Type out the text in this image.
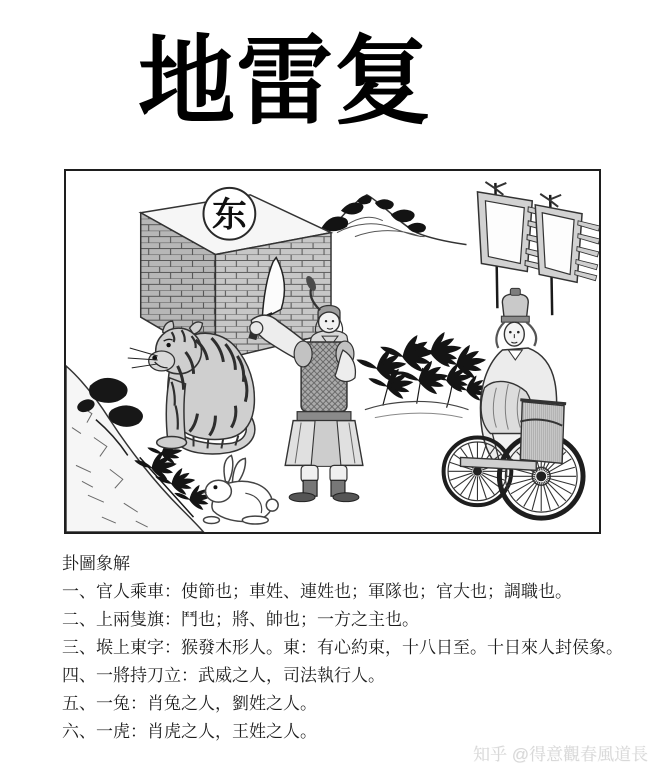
地雷复
东
卦圖象解
一、官人乘車：使節也；車姓、連姓也；軍隊也；官大也；調職也。
二、上兩隻旗：鬥也；將、帥也；一方之主也。
三、堠上東字：猴發木形人。東：有心約束，十八日至。十日來人封侯象。
四、一將持刀立：武威之人，司法執行人。
五、一兔：肖兔之人，劉姓之人。
六、一虎：肖虎之人，王姓之人。
知乎 @得意觀春風道長
